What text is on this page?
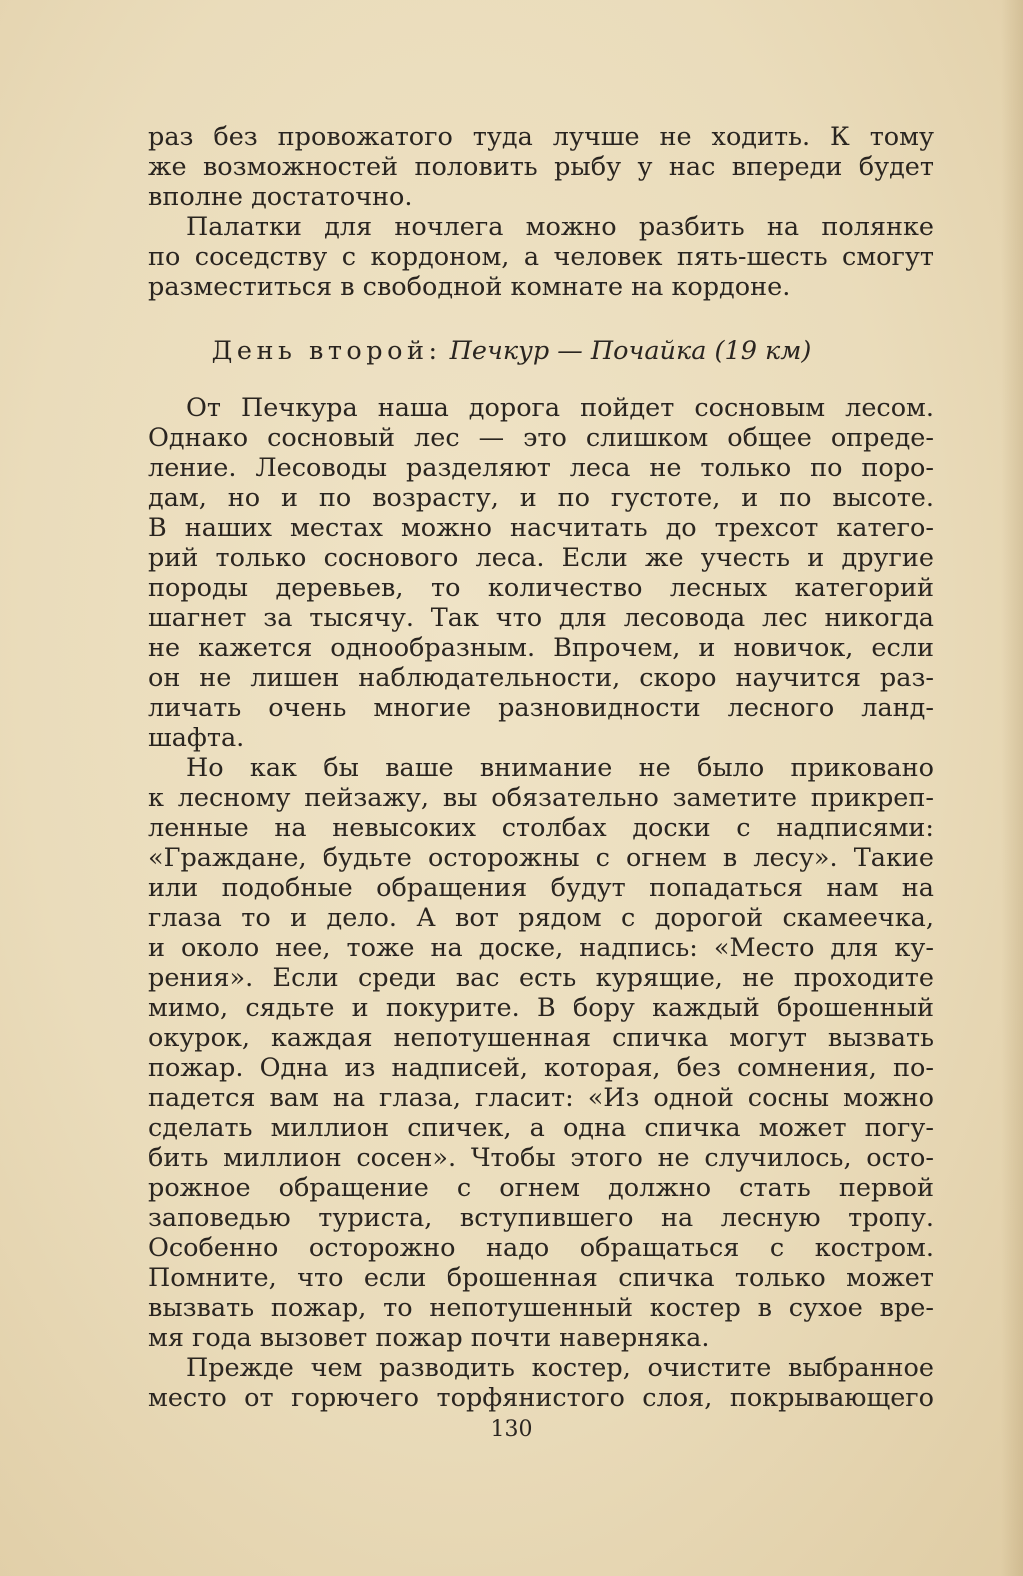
раз без провожатого туда лучше не ходить. К тому
же возможностей половить рыбу у нас впереди будет
вполне достаточно.
Палатки для ночлега можно разбить на полянке
по соседству с кордоном, а человек пять-шесть смогут
разместиться в свободной комнате на кордоне.
День второй: Печкур — Почайка (19 км)
От Печкура наша дорога пойдет сосновым лесом.
Однако сосновый лес — это слишком общее опреде-
ление. Лесоводы разделяют леса не только по поро-
дам, но и по возрасту, и по густоте, и по высоте.
В наших местах можно насчитать до трехсот катего-
рий только соснового леса. Если же учесть и другие
породы деревьев, то количество лесных категорий
шагнет за тысячу. Так что для лесовода лес никогда
не кажется однообразным. Впрочем, и новичок, если
он не лишен наблюдательности, скоро научится раз-
личать очень многие разновидности лесного ланд-
шафта.
Но как бы ваше внимание не было приковано
к лесному пейзажу, вы обязательно заметите прикреп-
ленные на невысоких столбах доски с надписями:
«Граждане, будьте осторожны с огнем в лесу». Такие
или подобные обращения будут попадаться нам на
глаза то и дело. А вот рядом с дорогой скамеечка,
и около нее, тоже на доске, надпись: «Место для ку-
рения». Если среди вас есть курящие, не проходите
мимо, сядьте и покурите. В бору каждый брошенный
окурок, каждая непотушенная спичка могут вызвать
пожар. Одна из надписей, которая, без сомнения, по-
падется вам на глаза, гласит: «Из одной сосны можно
сделать миллион спичек, а одна спичка может погу-
бить миллион сосен». Чтобы этого не случилось, осто-
рожное обращение с огнем должно стать первой
заповедью туриста, вступившего на лесную тропу.
Особенно осторожно надо обращаться с костром.
Помните, что если брошенная спичка только может
вызвать пожар, то непотушенный костер в сухое вре-
мя года вызовет пожар почти наверняка.
Прежде чем разводить костер, очистите выбранное
место от горючего торфянистого слоя, покрывающего
130
